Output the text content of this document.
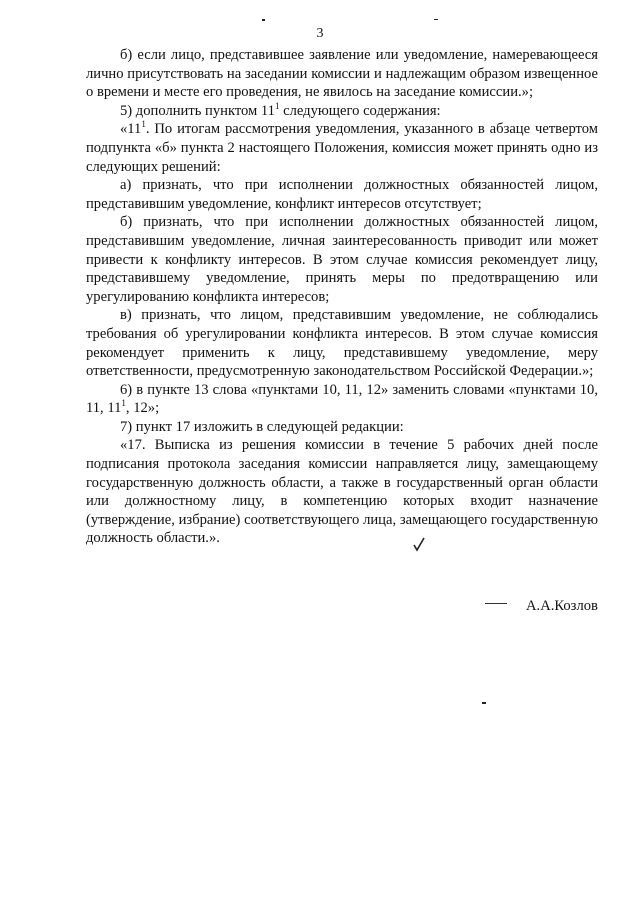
3

б) если лицо, представившее заявление или уведомление, намеревающееся лично присутствовать на заседании комиссии и надлежащим образом извещенное о времени и месте его проведения, не явилось на заседание комиссии.»;

5) дополнить пунктом $11^1$ следующего содержания:

«$11^1$. По итогам рассмотрения уведомления, указанного в абзаце четвертом подпункта «б» пункта 2 настоящего Положения, комиссия может принять одно из следующих решений:

а) признать, что при исполнении должностных обязанностей лицом, представившим уведомление, конфликт интересов отсутствует;

б) признать, что при исполнении должностных обязанностей лицом, представившим уведомление, личная заинтересованность приводит или может привести к конфликту интересов. В этом случае комиссия рекомендует лицу, представившему уведомление, принять меры по предотвращению или урегулированию конфликта интересов;

в) признать, что лицом, представившим уведомление, не соблюдались требования об урегулировании конфликта интересов. В этом случае комиссия рекомендует применить к лицу, представившему уведомление, меру ответственности, предусмотренную законодательством Российской Федерации.»;

6) в пункте 13 слова «пунктами 10, 11, 12» заменить словами «пунктами 10, 11, $11^1$, 12»;

7) пункт 17 изложить в следующей редакции:

«17. Выписка из решения комиссии в течение 5 рабочих дней после подписания протокола заседания комиссии направляется лицу, замещающему государственную должность области, а также в государственный орган области или должностному лицу, в компетенцию которых входит назначение (утверждение, избрание) соответствующего лица, замещающего государственную должность области.».

А.А.Козлов
